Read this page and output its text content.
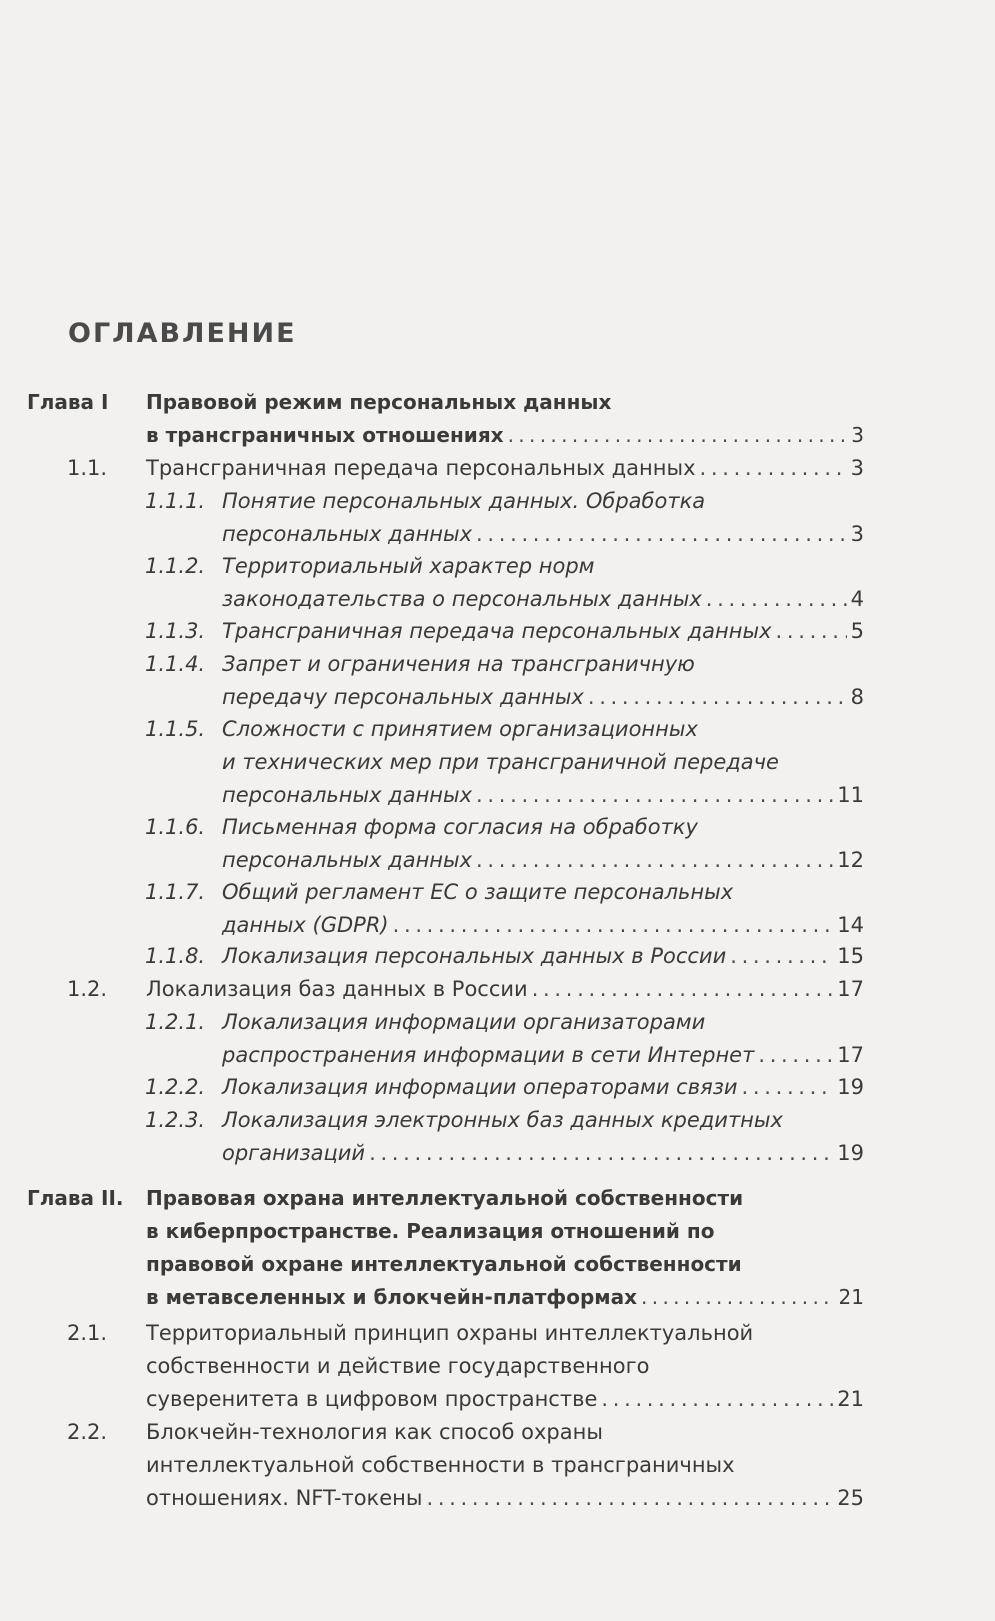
ОГЛАВЛЕНИЕ
Глава I Правовой режим персональных данных
в трансграничных отношениях . . .	3
1.1. Трансграничная передача персональных данных . . .	3
1.1.1. Понятие персональных данных. Обработка
персональных данных . . .	3
1.1.2. Территориальный характер норм
законодательства о персональных данных . . .	4
1.1.3. Трансграничная передача персональных данных . . .	5
1.1.4. Запрет и ограничения на трансграничную
передачу персональных данных . . .	8
1.1.5. Сложности с принятием организационных
и технических мер при трансграничной передаче
персональных данных . . .	11
1.1.6. Письменная форма согласия на обработку
персональных данных . . .	12
1.1.7. Общий регламент ЕС о защите персональных
данных (GDPR) . . .	14
1.1.8. Локализация персональных данных в России . . .	15
1.2. Локализация баз данных в России . . .	17
1.2.1. Локализация информации организаторами
распространения информации в сети Интернет . . .	17
1.2.2. Локализация информации операторами связи . . .	19
1.2.3. Локализация электронных баз данных кредитных
организаций . . .	19
Глава II. Правовая охрана интеллектуальной собственности
в киберпространстве. Реализация отношений по
правовой охране интеллектуальной собственности
в метавселенных и блокчейн-платформах . . .	21
2.1. Территориальный принцип охраны интеллектуальной
собственности и действие государственного
суверенитета в цифровом пространстве . . .	21
2.2. Блокчейн-технология как способ охраны
интеллектуальной собственности в трансграничных
отношениях. NFT-токены . . .	25
